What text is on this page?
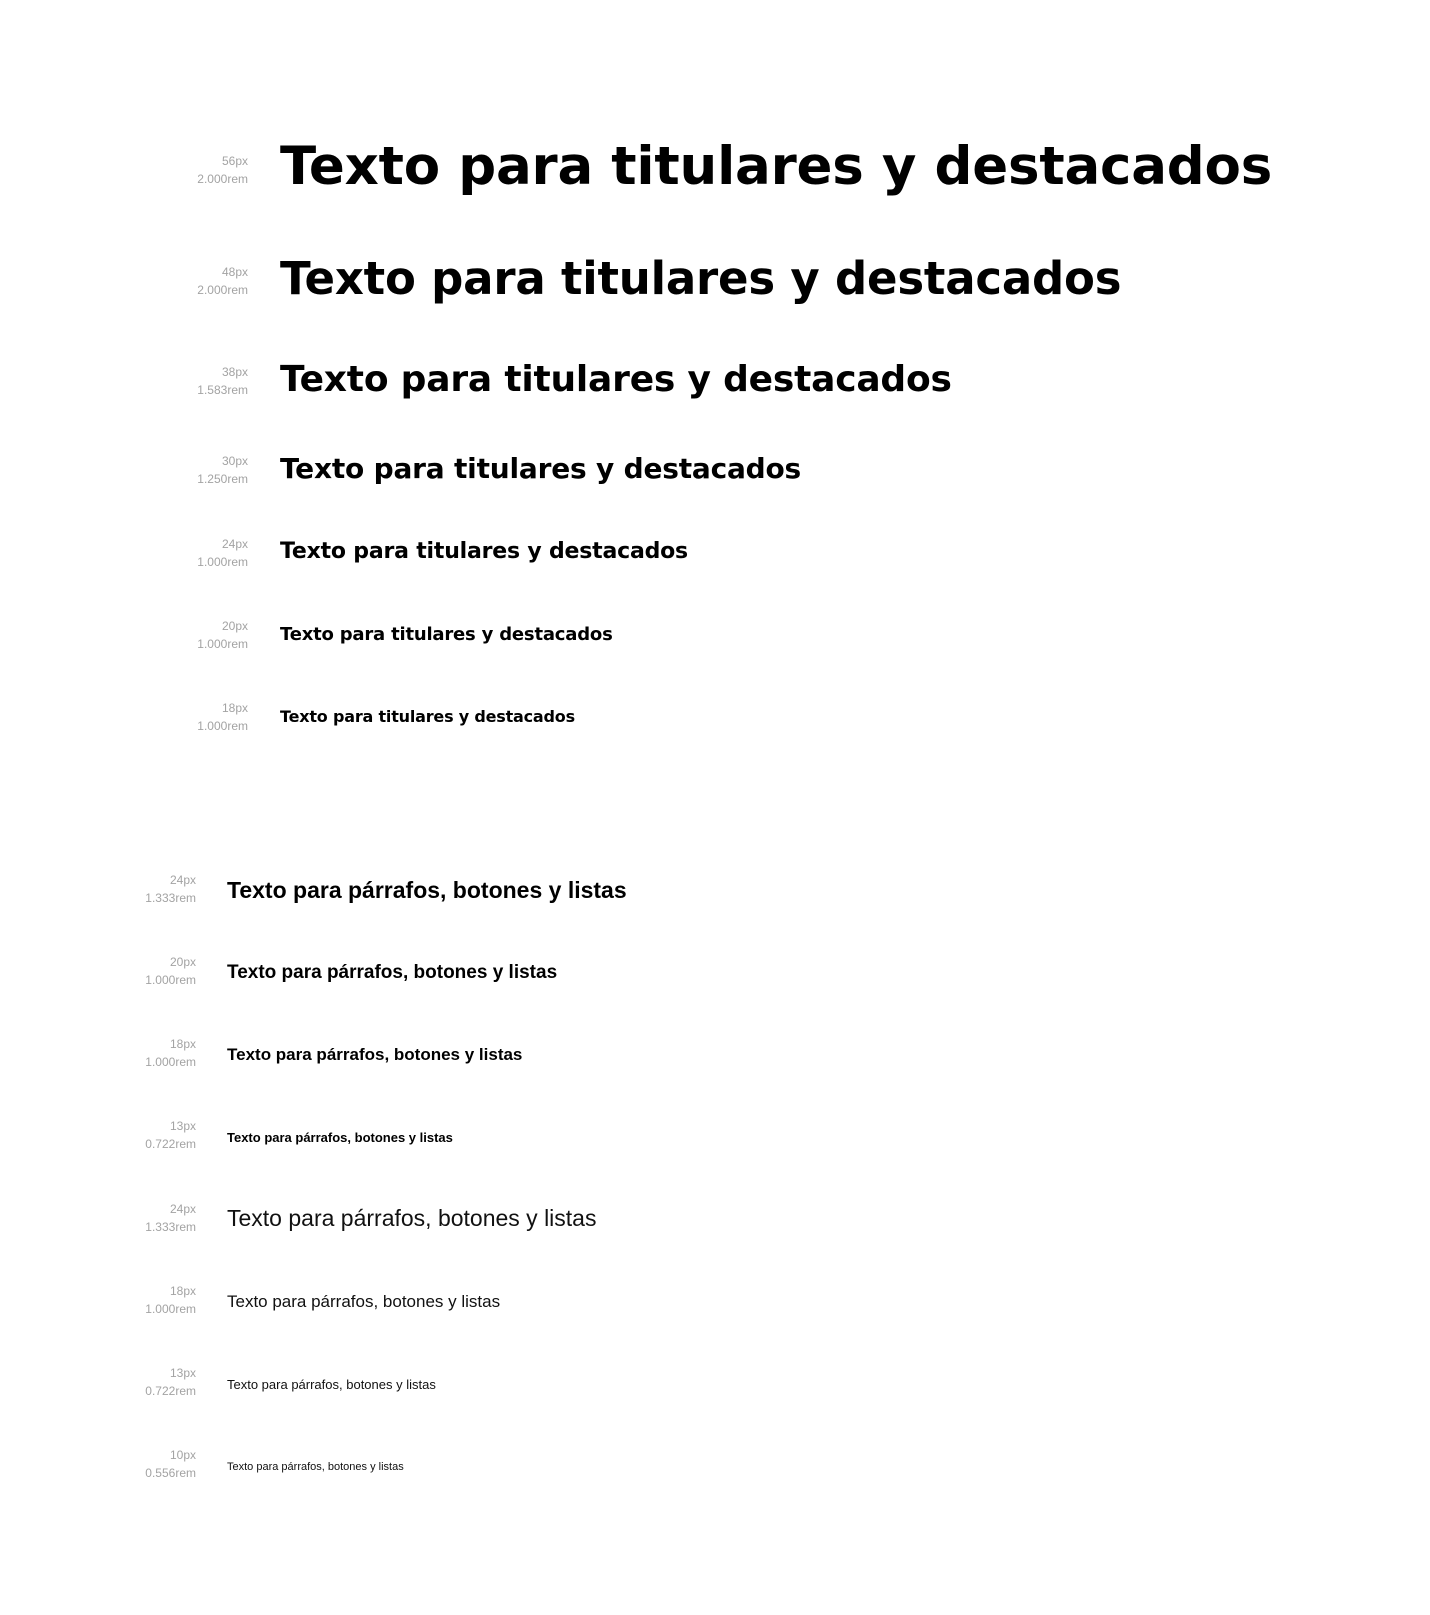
56px
2.000rem Texto para titulares y destacados
48px
2.000rem Texto para titulares y destacados
38px
1.583rem Texto para titulares y destacados
30px
1.250rem Texto para titulares y destacados
24px
1.000rem Texto para titulares y destacados
20px
1.000rem Texto para titulares y destacados
18px
1.000rem Texto para titulares y destacados
24px
1.333rem Texto para párrafos, botones y listas
20px
1.000rem Texto para párrafos, botones y listas
18px
1.000rem Texto para párrafos, botones y listas
13px
0.722rem Texto para párrafos, botones y listas
24px
1.333rem Texto para párrafos, botones y listas
18px
1.000rem Texto para párrafos, botones y listas
13px
0.722rem Texto para párrafos, botones y listas
10px
0.556rem	Texto para párrafos, botones y listas
